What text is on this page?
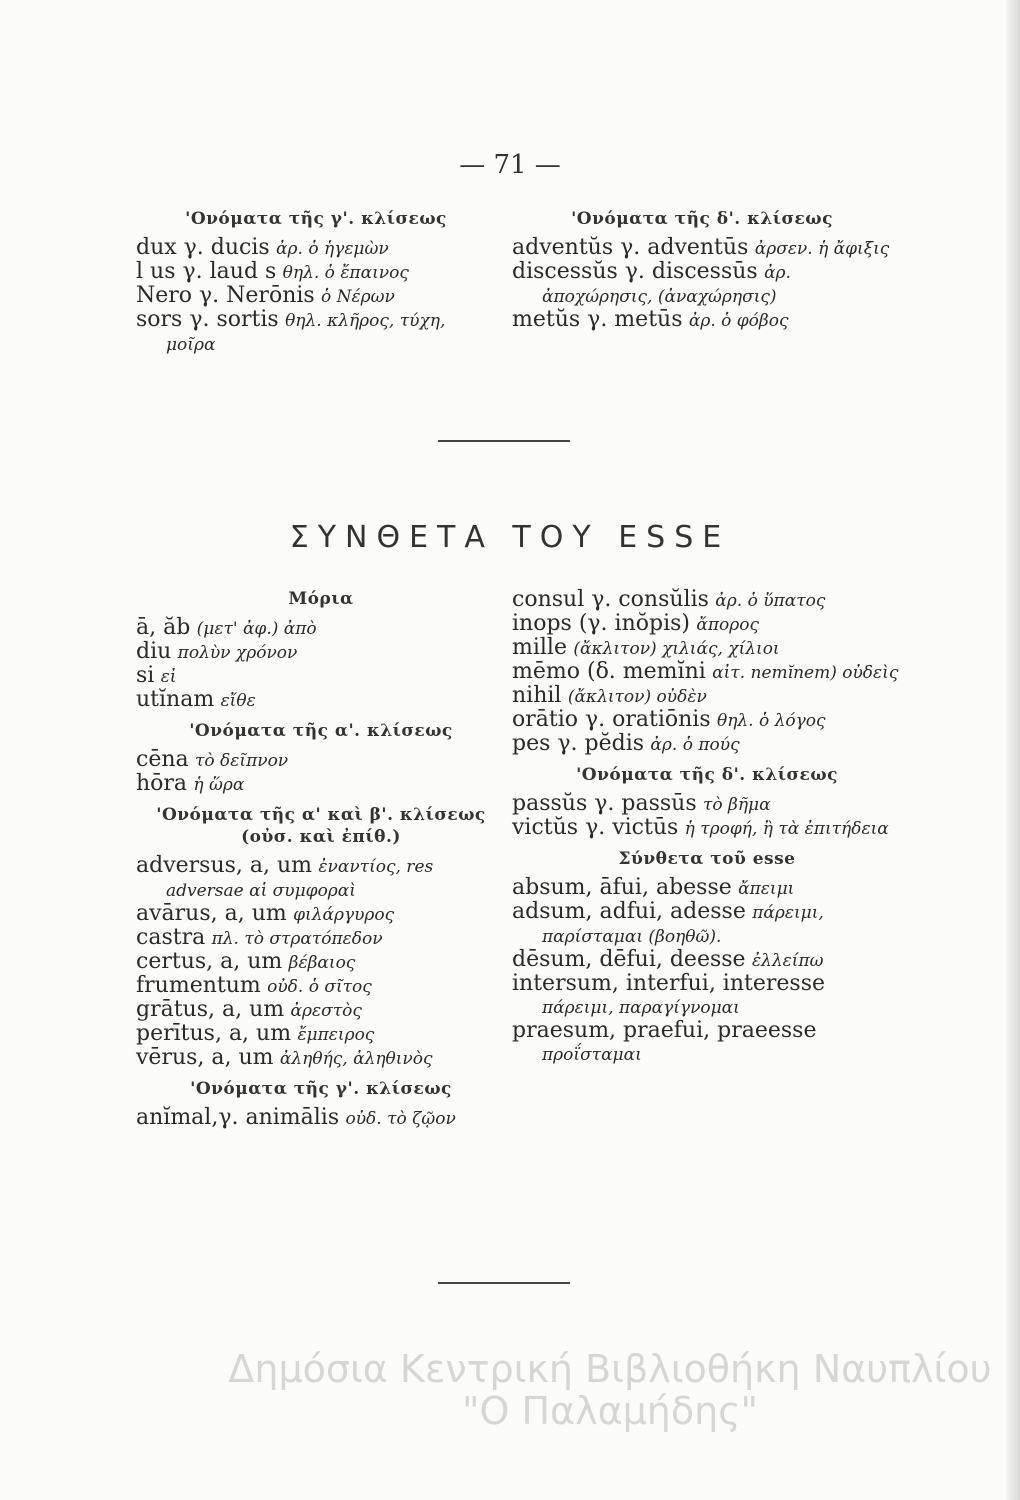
— 71 —

'Ονόματα τῆς γ'. κλίσεως

dux γ. ducis ἀρ. ὁ ἡγεμὼν

l us γ. laud s θηλ. ὁ ἔπαινος

Nero γ. Nerōnis ὁ Νέρων

sors γ. sortis θηλ. κλῆρος, τύχη, μοῖρα

'Ονόματα τῆς δ'. κλίσεως

adventŭs γ. adventūs ἀρσεν. ἡ ἄφιξις

discessŭs γ. discessūs ἀρ. ἀποχώρησις, (ἀναχώρησις)

metŭs γ. metūs ἀρ. ὁ φόβος

ΣΥΝΘΕΤΑ ΤΟΥ ESSE

Μόρια

ā, ăb (μετ' ἀφ.) ἀπὸ

diu πολὺν χρόνον

si εἰ

utĭnam εἴθε

'Ονόματα τῆς α'. κλίσεως

cēna τὸ δεῖπνον

hōra ἡ ὥρα

'Ονόματα τῆς α' καὶ β'. κλίσεως

(οὐσ. καὶ ἐπίθ.)

adversus, a, um ἐναντίος, res adversae αἱ συμφοραὶ

avārus, a, um φιλάργυρος

castra πλ. τὸ στρατόπεδον

certus, a, um βέβαιος

frumentum οὐδ. ὁ σῖτος

grātus, a, um ἀρεστὸς

perītus, a, um ἔμπειρος

vērus, a, um ἀληθής, ἀληθινὸς

'Ονόματα τῆς γ'. κλίσεως

anĭmal,γ. animālis οὐδ. τὸ ζῷον

consul γ. consŭlis ἀρ. ὁ ὕπατος

inops (γ. inŏpis) ἄπορος

mille (ἄκλιτον) χιλιάς, χίλιοι

mēmo (δ. memĭni αἰτ. nemĭnem) οὐδεὶς

nihil (ἄκλιτον) οὐδὲν

orātio γ. oratiōnis θηλ. ὁ λόγος

pes γ. pĕdis ἀρ. ὁ πούς

'Ονόματα τῆς δ'. κλίσεως

passŭs γ. passūs τὸ βῆμα

victŭs γ. victūs ἡ τροφή, ἢ τὰ ἐπιτήδεια

Σύνθετα τοῦ esse

absum, āfui, abesse ἄπειμι

adsum, adfui, adesse πάρειμι, παρίσταμαι (βοηθῶ).

dēsum, dēfui, deesse ἐλλείπω

intersum, interfui, interesse πάρειμι, παραγίγνομαι

praesum, praefui, praeesse προΐσταμαι

Δημόσια Κεντρική Βιβλιοθήκη Ναυπλίου
"Ο Παλαμήδης"
